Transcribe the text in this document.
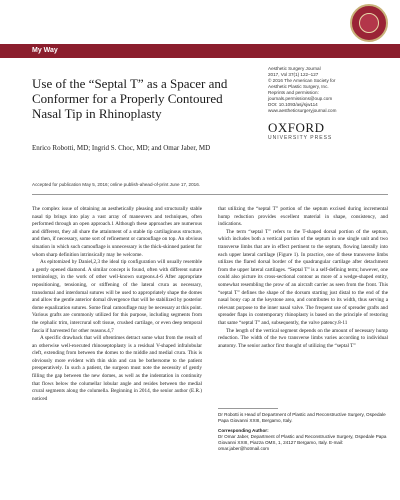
My Way
Use of the “Septal T” as a Spacer and Conformer for a Properly Contoured Nasal Tip in Rhinoplasty
Aesthetic Surgery Journal
2017, Vol 37(1) 122–127
© 2016 The American Society for
Aesthetic Plastic Surgery, Inc.
Reprints and permission:
journals.permissions@oup.com
DOI: 10.1093/asj/sjw114
www.aestheticsurgeryjournal.com
OXFORD
UNIVERSITY PRESS
Enrico Robotti, MD; Ingrid S. Choc, MD; and Omar Jaber, MD
Accepted for publication May 5, 2016; online publish-ahead-of-print June 17, 2016.

The complex issue of obtaining an aesthetically pleasing and structurally stable nasal tip brings into play a vast array of maneuvers and techniques, often performed through an open approach.1 Although these approaches are numerous and different, they all share the attainment of a stable tip cartilaginous structure, and then, if necessary, some sort of refinement or camouflage on top. An obvious situation in which such camouflage is unnecessary is the thick-skinned patient for whom sharp definition intrinsically may be welcome.

As epitomized by Daniel,2,3 the ideal tip configuration will usually resemble a gently opened diamond. A similar concept is found, often with different suture terminology, in the work of other well-known surgeons.4-6 After appropriate repositioning, tensioning, or stiffening of the lateral crura as necessary, transdomal and interdomal sutures will be used to appropriately shape the domes and allow the gentle anterior domal divergence that will be stabilized by posterior dome equalization sutures. Some final camouflage may be necessary at this point. Various grafts are commonly utilized for this purpose, including segments from the cephalic trim, intercrural soft tissue, crushed cartilage, or even deep temporal fascia if harvested for other reasons.4,7

A specific drawback that will oftentimes detract some what from the result of an otherwise well-executed rhinoseptoplasty is a residual V-shaped infralobular cleft, extending from between the domes to the middle and medial crura. This is obviously more evident with thin skin and can be bothersome to the patient preoperatively. In such a patient, the surgeon must note the necessity of gently filling the gap between the new domes, as well as the indentation in continuity that flows below the columellar lobular angle and resides between the medial crural segments along the columella. Beginning in 2014, the senior author (E.R.) noticed

that utilizing the “septal T” portion of the septum excised during incremental hump reduction provides excellent material in shape, consistency, and indications.

The term “septal T” refers to the T-shaped dorsal portion of the septum, which includes both a vertical portion of the septum in one single unit and two transverse limbs that are in effect pertinent to the septum, flowing laterally into each upper lateral cartilage (Figure 1). In practice, one of these transverse limbs utilizes the flared dorsal border of the quadrangular cartilage after detachment from the upper lateral cartilages. “Septal T” is a self-defining term; however, one could also picture its cross-sectional contour as more of a wedge-shaped entity, somewhat resembling the prow of an aircraft carrier as seen from the front. This “septal T” defines the shape of the dorsum starting just distal to the end of the nasal bony cap at the keystone area, and contributes to its width, thus serving a relevant purpose to the inner nasal valve. The frequent use of spreader grafts and spreader flaps in contemporary rhinoplasty is based on the principle of restoring that same “septal T” and, subsequently, the valve patency.8-11

The length of the vertical segment depends on the amount of necessary hump reduction. The width of the two transverse limbs varies according to individual anatomy. The senior author first thought of utilizing the “septal T”

Dr Robotti is Head of Department of Plastic and Reconstructive Surgery, Ospedale Papa Giovanni XXIII, Bergamo, Italy.

Corresponding Author:

Dr Omar Jaber, Department of Plastic and Reconstructive Surgery, Ospedale Papa Giovanni XXIII, Piazza OMS, 1, 24127 Bergamo, Italy. E-mail: omar.jaber@hotmail.com
